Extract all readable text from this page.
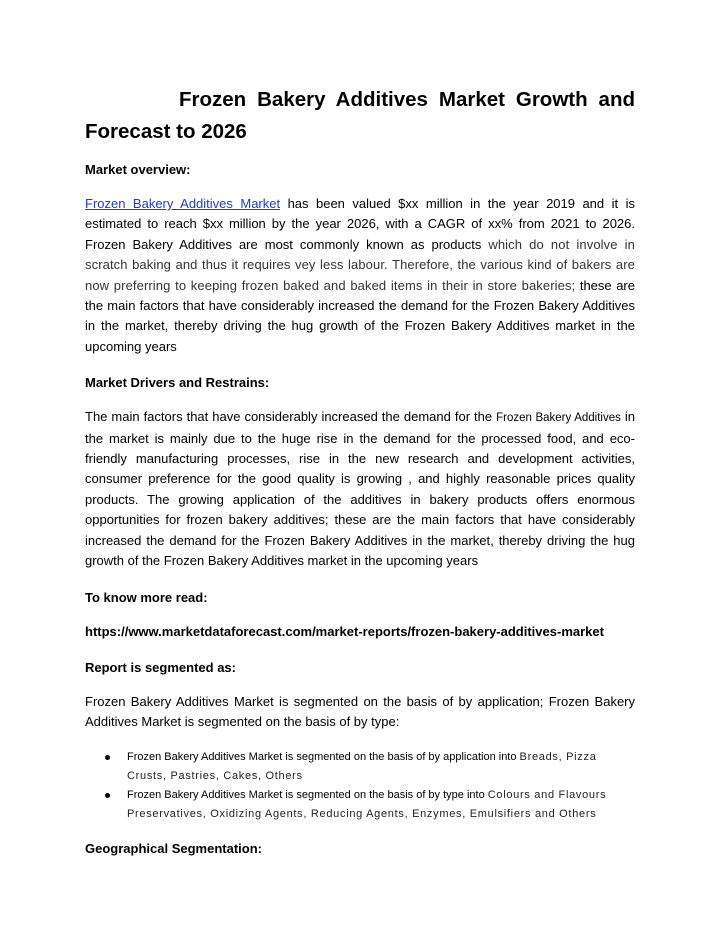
Frozen Bakery Additives Market Growth and
Forecast to 2026
Market overview:

Frozen Bakery Additives Market has been valued $xx million in the year 2019 and it is estimated to reach $xx million by the year 2026, with a CAGR of xx% from 2021 to 2026. Frozen Bakery Additives are most commonly known as products which do not involve in scratch baking and thus it requires vey less labour. Therefore, the various kind of bakers are now preferring to keeping frozen baked and baked items in their in store bakeries; these are the main factors that have considerably increased the demand for the Frozen Bakery Additives in the market, thereby driving the hug growth of the Frozen Bakery Additives market in the upcoming years

Market Drivers and Restrains:

The main factors that have considerably increased the demand for the Frozen Bakery Additives in the market is mainly due to the huge rise in the demand for the processed food, and eco-friendly manufacturing processes, rise in the new research and development activities, consumer preference for the good quality is growing , and highly reasonable prices quality products. The growing application of the additives in bakery products offers enormous opportunities for frozen bakery additives; these are the main factors that have considerably increased the demand for the Frozen Bakery Additives in the market, thereby driving the hug growth of the Frozen Bakery Additives market in the upcoming years

To know more read:
https://www.marketdataforecast.com/market-reports/frozen-bakery-additives-market
Report is segmented as:

Frozen Bakery Additives Market is segmented on the basis of by application; Frozen Bakery Additives Market is segmented on the basis of by type:

Frozen Bakery Additives Market is segmented on the basis of by application into Breads, Pizza Crusts, Pastries, Cakes, Others
Frozen Bakery Additives Market is segmented on the basis of by type into Colours and Flavours Preservatives, Oxidizing Agents, Reducing Agents, Enzymes, Emulsifiers and Others
Geographical Segmentation:
